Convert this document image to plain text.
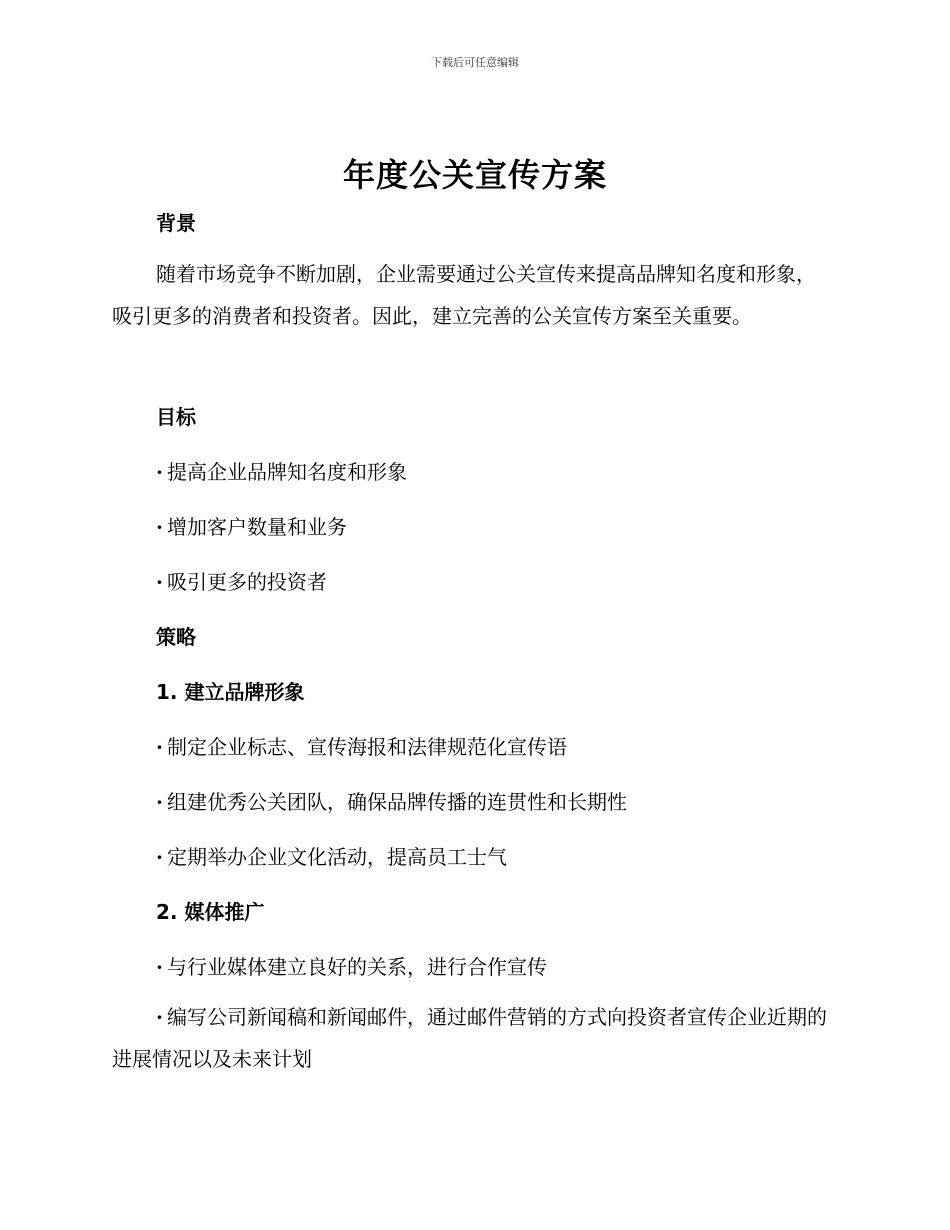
下载后可任意编辑
年度公关宣传方案
背景
随着市场竞争不断加剧，企业需要通过公关宣传来提高品牌知名度和形象，吸引更多的消费者和投资者。因此，建立完善的公关宣传方案至关重要。
目标
· 提高企业品牌知名度和形象
· 增加客户数量和业务
· 吸引更多的投资者
策略
1. 建立品牌形象
· 制定企业标志、宣传海报和法律规范化宣传语
· 组建优秀公关团队，确保品牌传播的连贯性和长期性
· 定期举办企业文化活动，提高员工士气
2. 媒体推广
· 与行业媒体建立良好的关系，进行合作宣传
· 编写公司新闻稿和新闻邮件，通过邮件营销的方式向投资者宣传企业近期的进展情况以及未来计划
